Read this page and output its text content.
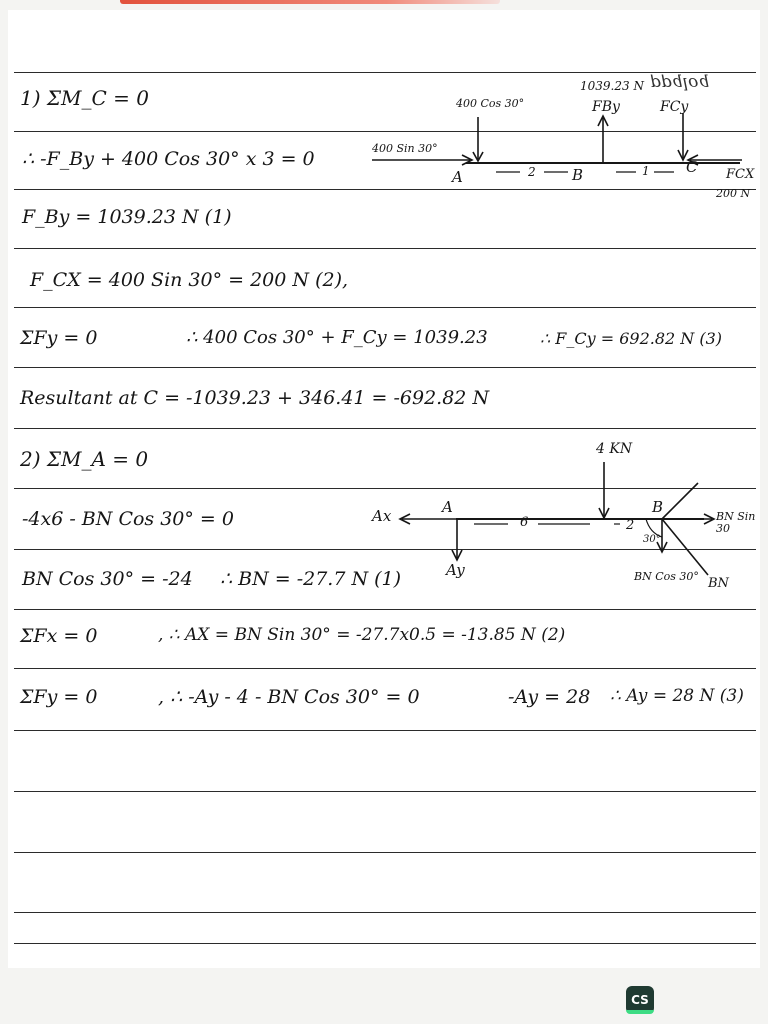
1) ΣM_C = 0
∴ -F_By + 400 Cos 30° x 3 = 0
F_By = 1039.23 N (1)
F_CX = 400 Sin 30° = 200 N (2),
ΣFy = 0	∴ 400 Cos 30° + F_Cy = 1039.23	∴ F_Cy = 692.82 N (3)
Resultant at C = -1039.23 + 346.41 = -692.82 N
2) ΣM_A = 0
-4x6 - BN Cos 30° = 0
BN Cos 30° = -24 ∴ BN = -27.7 N (1)
ΣFx = 0	, ∴ AX = BN Sin 30° = -27.7x0.5 = -13.85 N (2)
ΣFy = 0	, ∴ -Ay - 4 - BN Cos 30° = 0	-Ay = 28 ∴ Ay = 28 N (3)
400 Cos 30°
400 Sin 30°
A	2 B	1 C
1039.23 N ppqloq
FBy	FCy
FCX
200 N
4 KN
Ax	A
6
B
2
30°
Ay
BN Sin 30
BN Cos 30° BN
CS
